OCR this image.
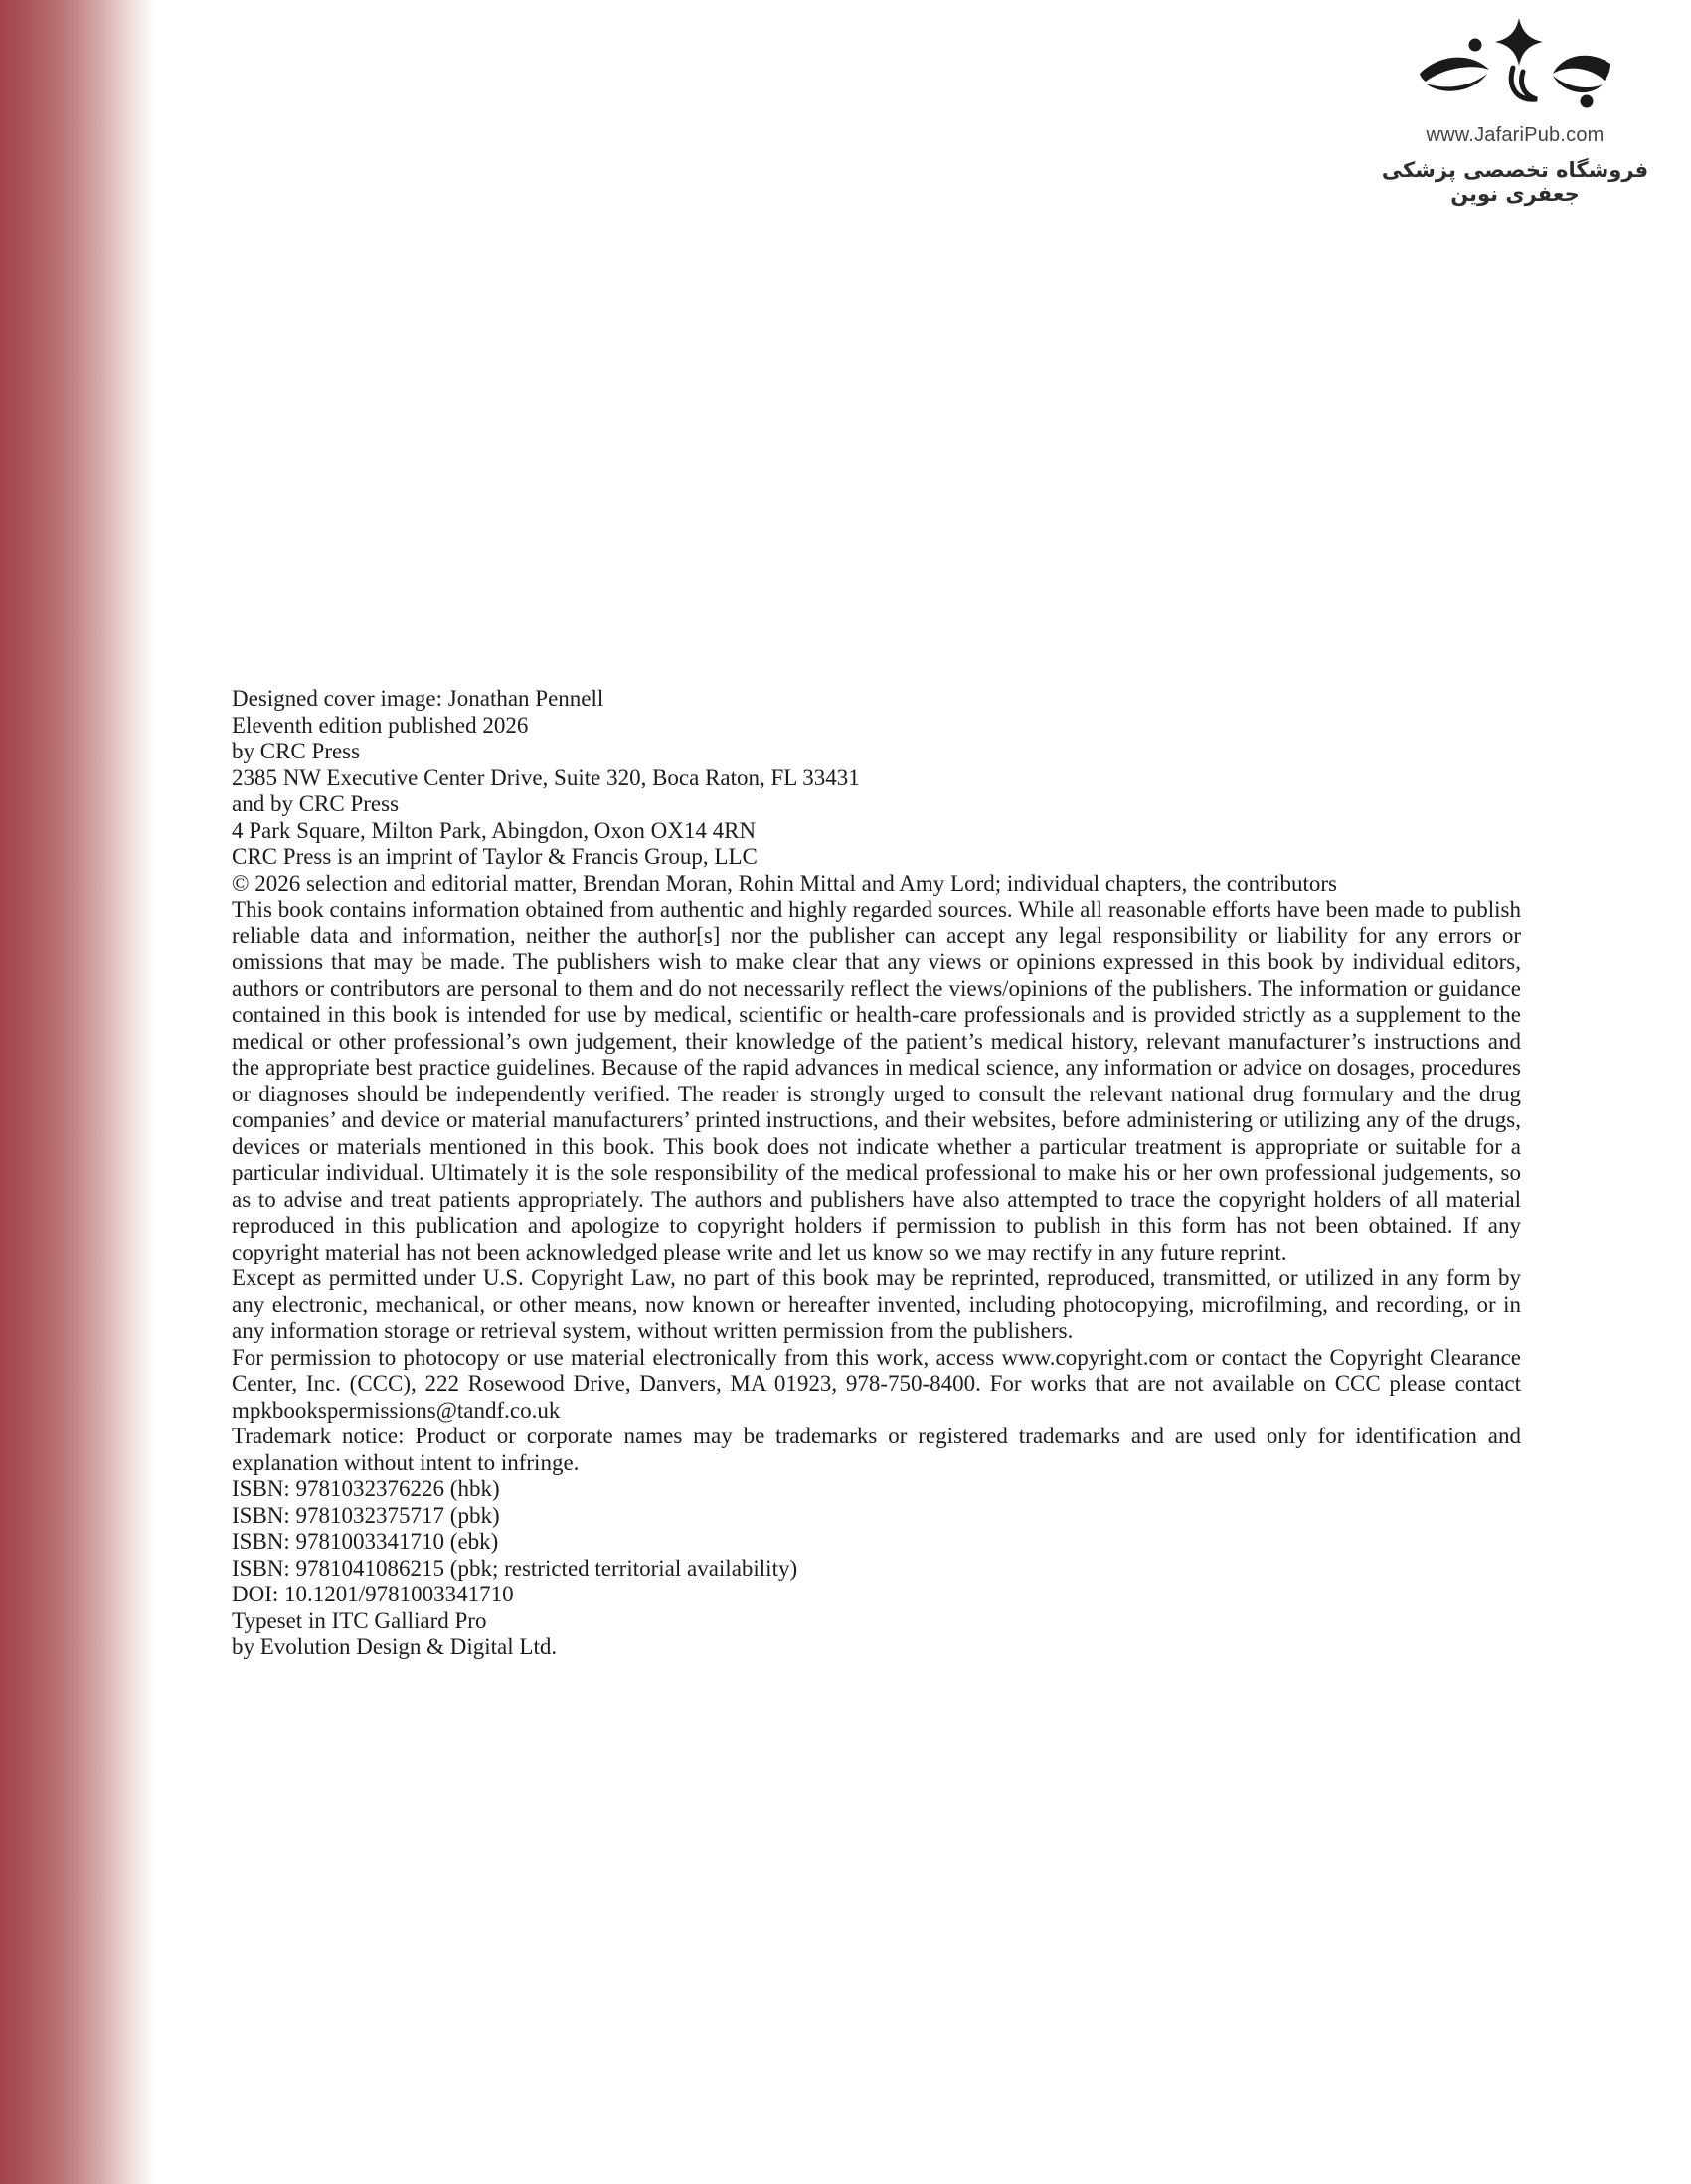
www.JafariPub.com
فروشگاه تخصصی پزشکی جعفری نوین

Designed cover image: Jonathan Pennell

Eleventh edition published 2026
by CRC Press
2385 NW Executive Center Drive, Suite 320, Boca Raton, FL 33431
and by CRC Press
4 Park Square, Milton Park, Abingdon, Oxon OX14 4RN

CRC Press is an imprint of Taylor & Francis Group, LLC

© 2026 selection and editorial matter, Brendan Moran, Rohin Mittal and Amy Lord; individual chapters, the contributors

This book contains information obtained from authentic and highly regarded sources. While all reasonable efforts have been made to publish reliable data and information, neither the author[s] nor the publisher can accept any legal responsibility or liability for any errors or omissions that may be made. The publishers wish to make clear that any views or opinions expressed in this book by individual editors, authors or contributors are personal to them and do not necessarily reflect the views/opinions of the publishers. The information or guidance contained in this book is intended for use by medical, scientific or health-care professionals and is provided strictly as a supplement to the medical or other professional’s own judgement, their knowledge of the patient’s medical history, relevant manufacturer’s instructions and the appropriate best practice guidelines. Because of the rapid advances in medical science, any information or advice on dosages, procedures or diagnoses should be independently verified. The reader is strongly urged to consult the relevant national drug formulary and the drug companies’ and device or material manufacturers’ printed instructions, and their websites, before administering or utilizing any of the drugs, devices or materials mentioned in this book. This book does not indicate whether a particular treatment is appropriate or suitable for a particular individual. Ultimately it is the sole responsibility of the medical professional to make his or her own professional judgements, so as to advise and treat patients appropriately. The authors and publishers have also attempted to trace the copyright holders of all material reproduced in this publication and apologize to copyright holders if permission to publish in this form has not been obtained. If any copyright material has not been acknowledged please write and let us know so we may rectify in any future reprint.

Except as permitted under U.S. Copyright Law, no part of this book may be reprinted, reproduced, transmitted, or utilized in any form by any electronic, mechanical, or other means, now known or hereafter invented, including photocopying, microfilming, and recording, or in any information storage or retrieval system, without written permission from the publishers.

For permission to photocopy or use material electronically from this work, access www.copyright.com or contact the Copyright Clearance Center, Inc. (CCC), 222 Rosewood Drive, Danvers, MA 01923, 978-750-8400. For works that are not available on CCC please contact mpkbookspermissions@tandf.co.uk

Trademark notice: Product or corporate names may be trademarks or registered trademarks and are used only for identification and explanation without intent to infringe.

ISBN: 9781032376226 (hbk)
ISBN: 9781032375717 (pbk)
ISBN: 9781003341710 (ebk)
ISBN: 9781041086215 (pbk; restricted territorial availability)

DOI: 10.1201/9781003341710

Typeset in ITC Galliard Pro
by Evolution Design & Digital Ltd.
